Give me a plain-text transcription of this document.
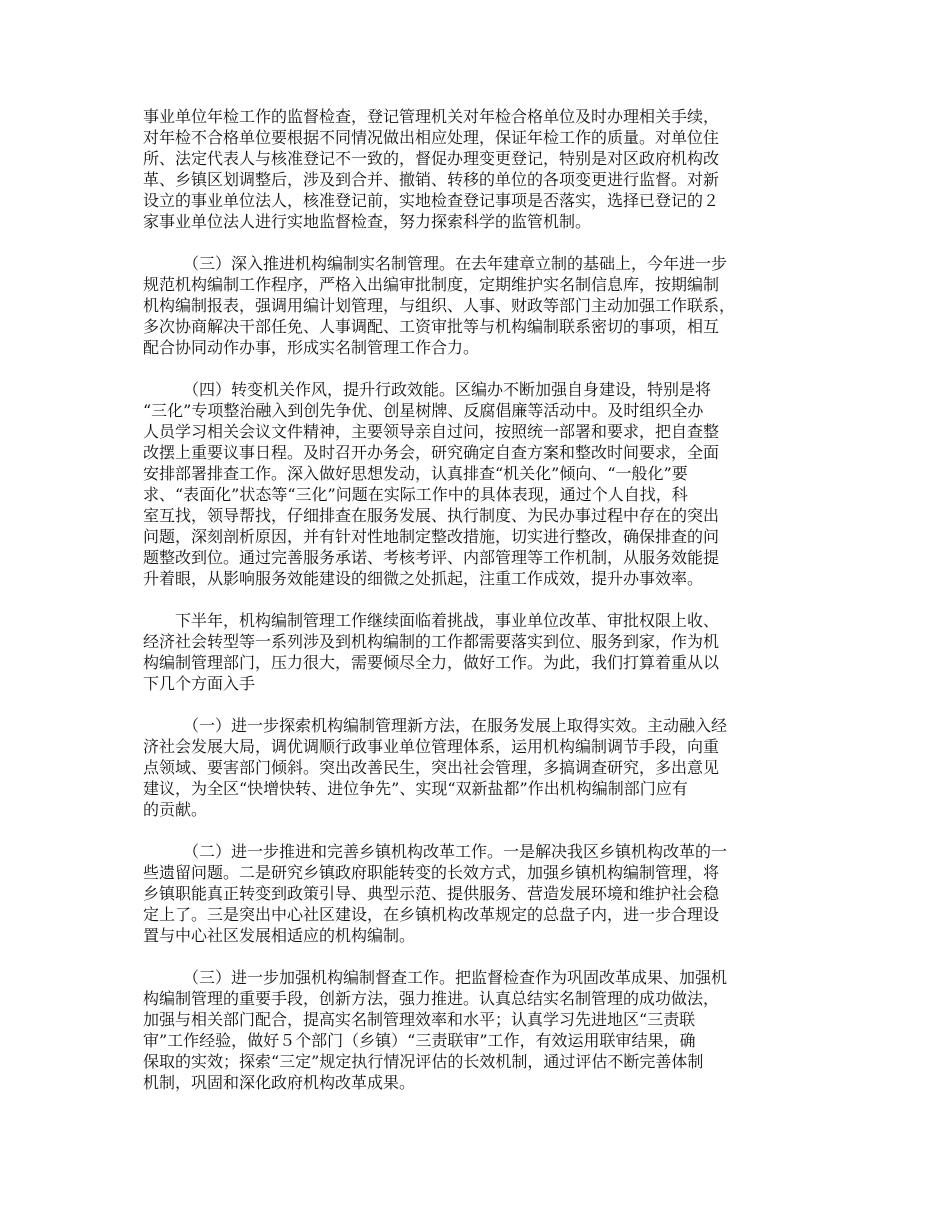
事业单位年检工作的监督检查，登记管理机关对年检合格单位及时办理相关手续，
对年检不合格单位要根据不同情况做出相应处理，保证年检工作的质量。对单位住
所、法定代表人与核准登记不一致的，督促办理变更登记，特别是对区政府机构改
革、乡镇区划调整后，涉及到合并、撤销、转移的单位的各项变更进行监督。对新
设立的事业单位法人，核准登记前，实地检查登记事项是否落实，选择已登记的２
家事业单位法人进行实地监督检查，努力探索科学的监管机制。
（三）深入推进机构编制实名制管理。在去年建章立制的基础上，今年进一步
规范机构编制工作程序，严格入出编审批制度，定期维护实名制信息库，按期编制
机构编制报表，强调用编计划管理，与组织、人事、财政等部门主动加强工作联系，
多次协商解决干部任免、人事调配、工资审批等与机构编制联系密切的事项，相互
配合协同动作办事，形成实名制管理工作合力。
（四）转变机关作风，提升行政效能。区编办不断加强自身建设，特别是将
“三化”专项整治融入到创先争优、创星树牌、反腐倡廉等活动中。及时组织全办
人员学习相关会议文件精神，主要领导亲自过问，按照统一部署和要求，把自查整
改摆上重要议事日程。及时召开办务会，研究确定自查方案和整改时间要求，全面
安排部署排查工作。深入做好思想发动，认真排查“机关化”倾向、“一般化”要
求、“表面化”状态等“三化”问题在实际工作中的具体表现，通过个人自找，科
室互找，领导帮找，仔细排查在服务发展、执行制度、为民办事过程中存在的突出
问题，深刻剖析原因，并有针对性地制定整改措施，切实进行整改，确保排查的问
题整改到位。通过完善服务承诺、考核考评、内部管理等工作机制，从服务效能提
升着眼，从影响服务效能建设的细微之处抓起，注重工作成效，提升办事效率。
下半年，机构编制管理工作继续面临着挑战，事业单位改革、审批权限上收、
经济社会转型等一系列涉及到机构编制的工作都需要落实到位、服务到家，作为机
构编制管理部门，压力很大，需要倾尽全力，做好工作。为此，我们打算着重从以
下几个方面入手
（一）进一步探索机构编制管理新方法，在服务发展上取得实效。主动融入经
济社会发展大局，调优调顺行政事业单位管理体系，运用机构编制调节手段，向重
点领域、要害部门倾斜。突出改善民生，突出社会管理，多搞调查研究，多出意见
建议，为全区“快增快转、进位争先”、实现“双新盐都”作出机构编制部门应有
的贡献。
（二）进一步推进和完善乡镇机构改革工作。一是解决我区乡镇机构改革的一
些遗留问题。二是研究乡镇政府职能转变的长效方式，加强乡镇机构编制管理，将
乡镇职能真正转变到政策引导、典型示范、提供服务、营造发展环境和维护社会稳
定上了。三是突出中心社区建设，在乡镇机构改革规定的总盘子内，进一步合理设
置与中心社区发展相适应的机构编制。
（三）进一步加强机构编制督查工作。把监督检查作为巩固改革成果、加强机
构编制管理的重要手段，创新方法，强力推进。认真总结实名制管理的成功做法，
加强与相关部门配合，提高实名制管理效率和水平；认真学习先进地区“三责联
审”工作经验，做好５个部门（乡镇）“三责联审”工作，有效运用联审结果，确
保取的实效；探索“三定”规定执行情况评估的长效机制，通过评估不断完善体制
机制，巩固和深化政府机构改革成果。
